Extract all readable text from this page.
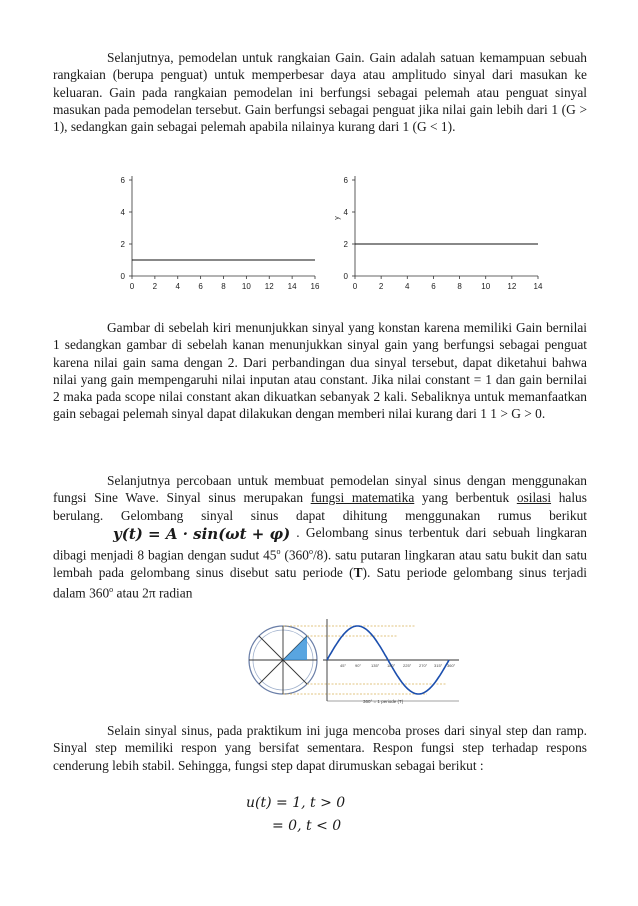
Selanjutnya, pemodelan untuk rangkaian Gain. Gain adalah satuan kemampuan sebuah rangkaian (berupa penguat) untuk memperbesar daya atau amplitudo sinyal dari masukan ke keluaran. Gain pada rangkaian pemodelan ini berfungsi sebagai pelemah atau penguat sinyal masukan pada pemodelan tersebut. Gain berfungsi sebagai penguat jika nilai gain lebih dari 1 (G > 1), sedangkan gain sebagai pelemah apabila nilainya kurang dari 1 (G < 1).

0
2
4
6
0 2 4 6 8 10 12 14 16
0
2
4
6
0	2	4	6	8 10 12 14
y

Gambar di sebelah kiri menunjukkan sinyal yang konstan karena memiliki Gain bernilai 1 sedangkan gambar di sebelah kanan menunjukkan sinyal gain yang berfungsi sebagai penguat karena nilai gain sama dengan 2. Dari perbandingan dua sinyal tersebut, dapat diketahui bahwa nilai yang gain mempengaruhi nilai inputan atau constant. Jika nilai constant = 1 dan gain bernilai 2 maka pada scope nilai constant akan dikuatkan sebanyak 2 kali. Sebaliknya untuk memanfaatkan gain sebagai pelemah sinyal dapat dilakukan dengan memberi nilai kurang dari 1 1 > G > 0.

Selanjutnya percobaan untuk membuat pemodelan sinyal sinus dengan menggunakan fungsi Sine Wave. Sinyal sinus merupakan fungsi matematika yang berbentuk osilasi halus berulang. Gelombang sinyal sinus dapat dihitung menggunakan rumus berikut y(t) = A · sin(ωt + φ) . Gelombang sinus terbentuk dari sebuah lingkaran dibagi menjadi 8 bagian dengan sudut 45$^o$ (360$^o$/8). satu putaran lingkaran atau satu bukit dan satu lembah pada gelombang sinus disebut satu periode (T). Satu periode gelombang sinus terjadi dalam 360$^o$ atau 2π radian

45° 90° 135° 180° 225° 270° 315° 360°
360° = 1 periode (T)

Selain sinyal sinus, pada praktikum ini juga mencoba proses dari sinyal step dan ramp. Sinyal step memiliki respon yang bersifat sementara. Respon fungsi step terhadap respons cenderung lebih stabil. Sehingga, fungsi step dapat dirumuskan sebagai berikut :

u(t) = 1, t > 0
= 0, t < 0
